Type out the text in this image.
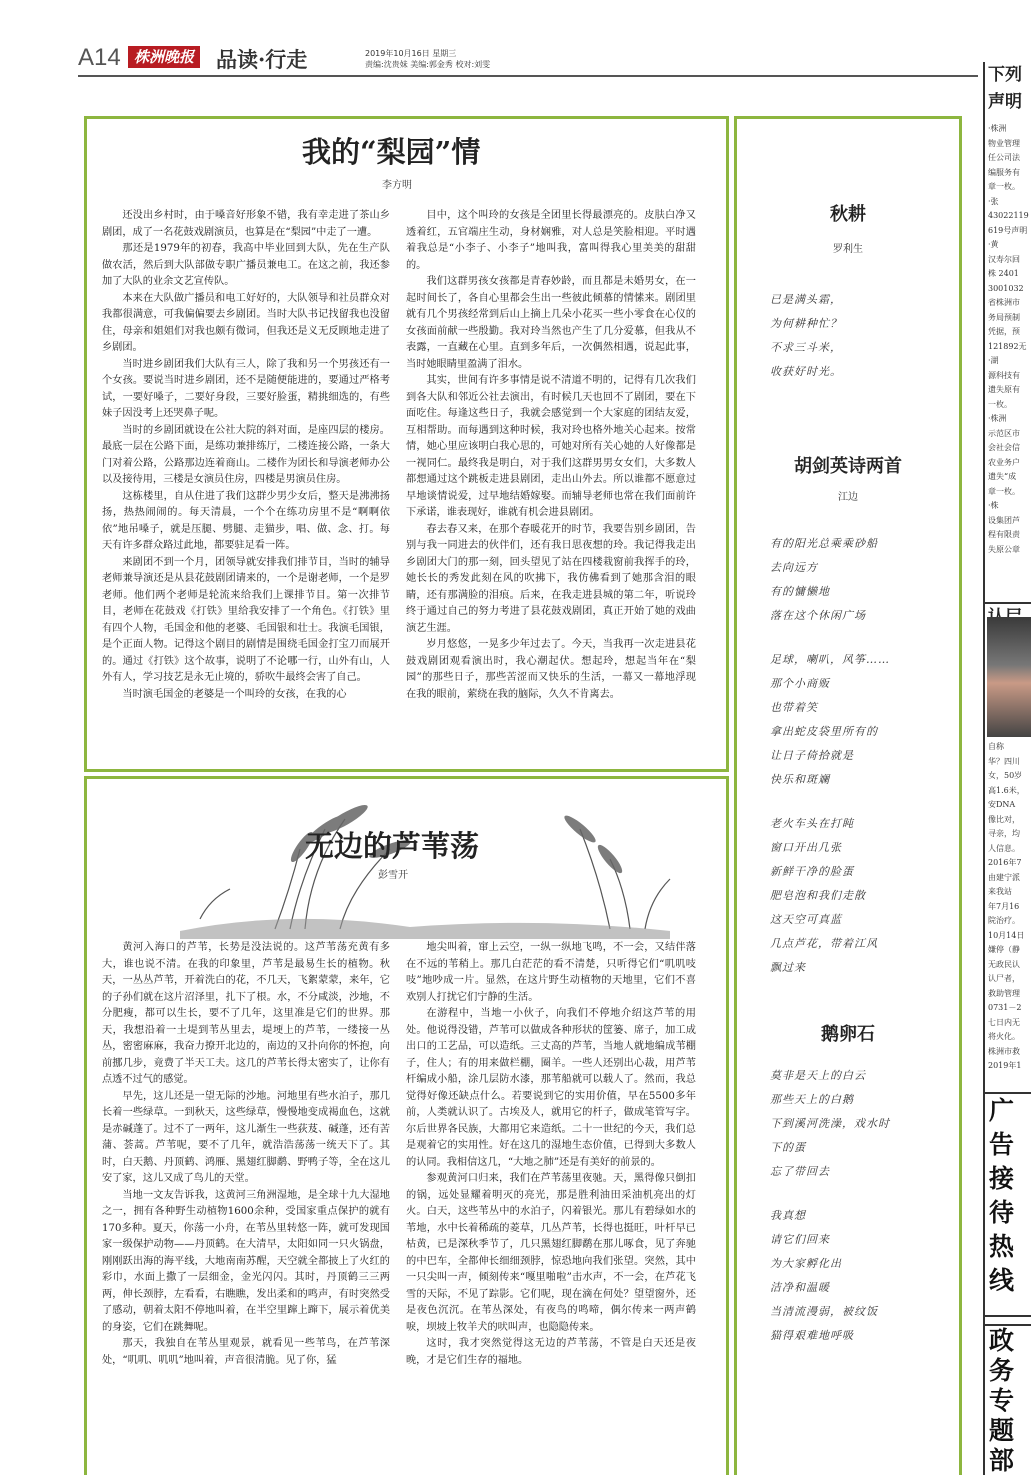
A14 株洲晚报 品读·行走	2019年10月16日 星期三
责编:沈贵妹 美编:郭金秀 校对:刘雯
我的“梨园”情
李方明

还没出乡村时，由于嗓音好形象不错，我有幸走进了茶山乡剧团，成了一名花鼓戏剧演员，也算是在“梨园”中走了一遭。

那还是1979年的初春，我高中毕业回到大队，先在生产队做农活，然后到大队部做专职广播员兼电工。在这之前，我还参加了大队的业余文艺宣传队。

本来在大队做广播员和电工好好的，大队领导和社员群众对我都很满意，可我偏偏要去乡剧团。当时大队书记找留我也没留住，母亲和姐姐们对我也颇有微词，但我还是义无反顾地走进了乡剧团。

当时进乡剧团我们大队有三人，除了我和另一个男孩还有一个女孩。要说当时进乡剧团，还不是随便能进的，要通过严格考试，一要好嗓子，二要好身段，三要好脸蛋，精挑细选的，有些妹子因没考上还哭鼻子呢。

当时的乡剧团就设在公社大院的斜对面，是座四层的楼房。最底一层在公路下面，是练功兼排练厅，二楼连接公路，一条大门对着公路，公路那边连着商山。二楼作为团长和导演老师办公以及接待用，三楼是女演员住房，四楼是男演员住房。

这栋楼里，自从住进了我们这群少男少女后，整天是沸沸扬扬，热热闹闹的。每天清晨，一个个在练功房里不是“啊啊依依”地吊嗓子，就是压腿、劈腿、走猫步，唱、做、念、打。每天有许多群众路过此地，都要驻足看一阵。

来剧团不到一个月，团领导就安排我们排节目，当时的辅导老师兼导演还是从县花鼓剧团请来的，一个是谢老师，一个是罗老师。他们两个老师是轮流来给我们上课排节目。第一次排节目，老师在花鼓戏《打铁》里给我安排了一个角色。《打铁》里有四个人物，毛国金和他的老婆、毛国银和壮士。我演毛国银，是个正面人物。记得这个剧目的剧情是围绕毛国金打宝刀而展开的。通过《打铁》这个故事，说明了不论哪一行，山外有山，人外有人，学习技艺是永无止境的，骄吹牛最终会害了自己。

当时演毛国金的老婆是一个叫玲的女孩，在我的心

目中，这个叫玲的女孩是全团里长得最漂亮的。皮肤白净又透着红，五官端庄生动，身材娴雅，对人总是笑脸相迎。平时遇着我总是“小李子、小李子”地叫我，富叫得我心里美美的甜甜的。

我们这群男孩女孩都是青春妙龄，而且都是未婚男女，在一起时间长了，各自心里都会生出一些彼此倾慕的情愫来。剧团里就有几个男孩经常到后山上摘上几朵小花买一些小零食在心仪的女孩面前献一些殷勤。我对玲当然也产生了几分爱慕，但我从不表露，一直藏在心里。直到多年后，一次偶然相遇，说起此事，当时她眼睛里盈满了泪水。

其实，世间有许多事情是说不清道不明的，记得有几次我们到各大队和邻近公社去演出，有时候几天也回不了剧团，要在下面吃住。每逢这些日子，我就会感觉到一个大家庭的团结友爱，互相帮助。而每遇到这种时候，我对玲也格外地关心起来。按常情，她心里应该明白我心思的，可她对所有关心她的人好像都是一视同仁。最终我是明白，对于我们这群男男女女们，大多数人都想通过这个跳板走进县剧团，走出山外去。所以谁都不愿意过早地谈情说爱，过早地结婚嫁娶。而辅导老师也常在我们面前许下承诺，谁表现好，谁就有机会进县剧团。

春去春又来，在那个春暖花开的时节，我要告别乡剧团，告别与我一同进去的伙伴们，还有我日思夜想的玲。我记得我走出乡剧团大门的那一刻，回头望见了站在四楼栽窗前我挥手的玲，她长长的秀发此刻在风的吹拂下，我仿佛看到了她那含泪的眼睛，还有那满脸的泪痕。后来，在我走进县城的第二年，听说玲终于通过自己的努力考进了县花鼓戏剧团，真正开始了她的戏曲演艺生涯。

岁月悠悠，一晃多少年过去了。今天，当我再一次走进县花鼓戏剧团观看演出时，我心潮起伏。想起玲，想起当年在“梨园”的那些日子，那些苦涩而又快乐的生活，一幕又一幕地浮现在我的眼前，萦绕在我的脑际，久久不肯离去。

无边的芦苇荡
彭雪开

黄河入海口的芦苇，长势是没法说的。这芦苇荡充黄有多大，谁也说不清。在我的印象里，芦苇是最易生长的植物。秋天，一丛丛芦苇，开着洗白的花，不几天，飞絮蒙蒙，来年，它的子孙们就在这片沼泽里，扎下了根。水，不分咸淡，沙地，不分肥瘦，都可以生长，要不了几年，这里准是它们的世界。那天，我想沿着一土堤到苇丛里去，堤埂上的芦苇，一缕接一丛丛，密密麻麻，我奋力撩开北边的，南边的又扑向你的怀抱，向前挪几步，竟费了半天工夫。这几的芦苇长得太密实了，让你有点透不过气的感觉。

早先，这儿还是一望无际的沙地。河地里有些水泊子，那几长着一些绿草。一到秋天，这些绿草，慢慢地变成褐血色，这就是赤碱蓬了。过不了一两年，这儿渐生一些荻芨、碱蓬，还有苦蒲、荟蒿。芦苇呢，要不了几年，就浩浩荡荡一统天下了。其时，白天鹅、丹顶鹤、鸿雁、黑翅红脚鹬、野鸭子等，全在这儿安了家，这儿又成了鸟儿的天堂。

当地一文友告诉我，这黄河三角洲湿地，是全球十九大湿地之一，拥有各种野生动植物1600余种，受国家重点保护的就有170多种。夏天，你荡一小舟，在苇丛里转悠一阵，就可发现国家一级保护动物——丹顶鹤。在大清早，太阳如同一只火锅盘，刚刚跃出海的海平线，大地南南苏醒，天空就全都披上了火红的彩巾，水面上撒了一层细金，金光闪闪。其时，丹顶鹤三三两两，伸长颈脖，左看看，右瞧瞧，发出柔和的鸣声，有时突然受了感动，朝着太阳不停地叫着，在半空里蹿上蹿下，展示着优美的身姿，它们在跳舞呢。

那天，我独自在苇丛里观景，就看见一些苇鸟，在芦苇深处，“叽叽、叽叽”地叫着，声音很清脆。见了你，猛

地尖叫着，窜上云空，一纵一纵地飞鸣，不一会，又结伴落在不远的苇稍上。那几白茫茫的看不清楚，只听得它们“叽叽吱吱”地吵成一片。显然，在这片野生动植物的天地里，它们不喜欢别人打扰它们宁静的生活。

在游程中，当地一小伙子，向我们不停地介绍这芦苇的用处。他说得没错，芦苇可以做成各种形状的筐篓、席子，加工成出口的工艺品，可以造纸。三丈高的芦苇，当地人就地编成苇棚子，住人；有的用来做栏棚，圈羊。一些人还别出心裁，用芦苇杆编成小船，涂几层防水漆，那苇船就可以载人了。然而，我总觉得好像还缺点什么。若要说到它的实用价值，早在5500多年前，人类就认识了。古埃及人，就用它的杆子，做成笔管写字。尔后世界各民族，大都用它来造纸。二十一世纪的今天，我们总是观着它的实用性。好在这几的湿地生态价值，已得到大多数人的认同。我相信这几，“大地之肺”还是有美好的前景的。

参观黄河口归来，我们在芦苇荡里夜驰。天，黑得像只倒扣的锅，远处显耀着明灭的亮光，那是胜利油田采油机亮出的灯火。白天，这些苇丛中的水泊子，闪着银光。那儿有碧绿如水的苇地，水中长着稀疏的菱草，几丛芦苇，长得也挺旺，叶杆早已枯黄，已是深秋季节了，几只黑翅红脚鹬在那儿啄食，见了奔驰的中巴车，全都伸长细细颈脖，惊恐地向我们张望。突然，其中一只尖叫一声，倾刻传来“嘎里啪啦”击水声，不一会，在芦花飞雪的天际，不见了踪影。它们呢，现在滴在何处？望望窗外，还是夜色沉沉。在苇丛深处，有夜鸟的鸣啼，偶尔传来一两声鹤唳，坝坡上牧羊犬的吠叫声，也隐隐传来。

这时，我才突然觉得这无边的芦苇荡，不管是白天还是夜晚，才是它们生存的福地。

秋耕
罗利生
已是满头霜，
为何耕种忙？
不求三斗米，
收获好时光。
胡剑英诗两首
江边
有的阳光总乘乘砂船
去向远方
有的慵懒地
落在这个休闲广场
足球，喇叭，风筝……
那个小商贩
也带着笑
拿出蛇皮袋里所有的
让日子倚拾就是
快乐和斑斓
老火车头在打盹
窗口开出几张
新鲜干净的脸蛋
肥皂泡和我们走散
这天空可真蓝
几点芦花，带着江风
飘过来
鹅卵石
莫非是天上的白云
那些天上的白鹅
下到溪河洗澡，戏水时
下的蛋
忘了带回去
我真想
请它们回来
为大家孵化出
洁净和温暖
当清流漫弱，被纹饭
猫得艰难地呼吸
下列
声明
·株洲
物业管理
任公司法
编服务有
章一枚。
·张
43022119
619号声明
·黄
汉寿尔回
株 2401
3001032
省株洲市
务局预制
凭据，预
121892无
·湖
源科技有
遗失原有
一枚。
·株洲
示范区市
会社会信
农业务户
遗失“成
章一枚。
·株
设集团芦
程有限责
失原公章
自称
华？四川
女，50岁
高1.6米，
安DNA
像比对，
寻亲，均
人信息。
2016年7
由建宁派
来我站
年7月16
院治疗。
10月14日
嫌停（静
无政民认
认尸者，
救助管理
0731－2
七日内无
将火化。
株洲市救
2019年1
广
告
接
待
热
线
政
务
专
题
部
